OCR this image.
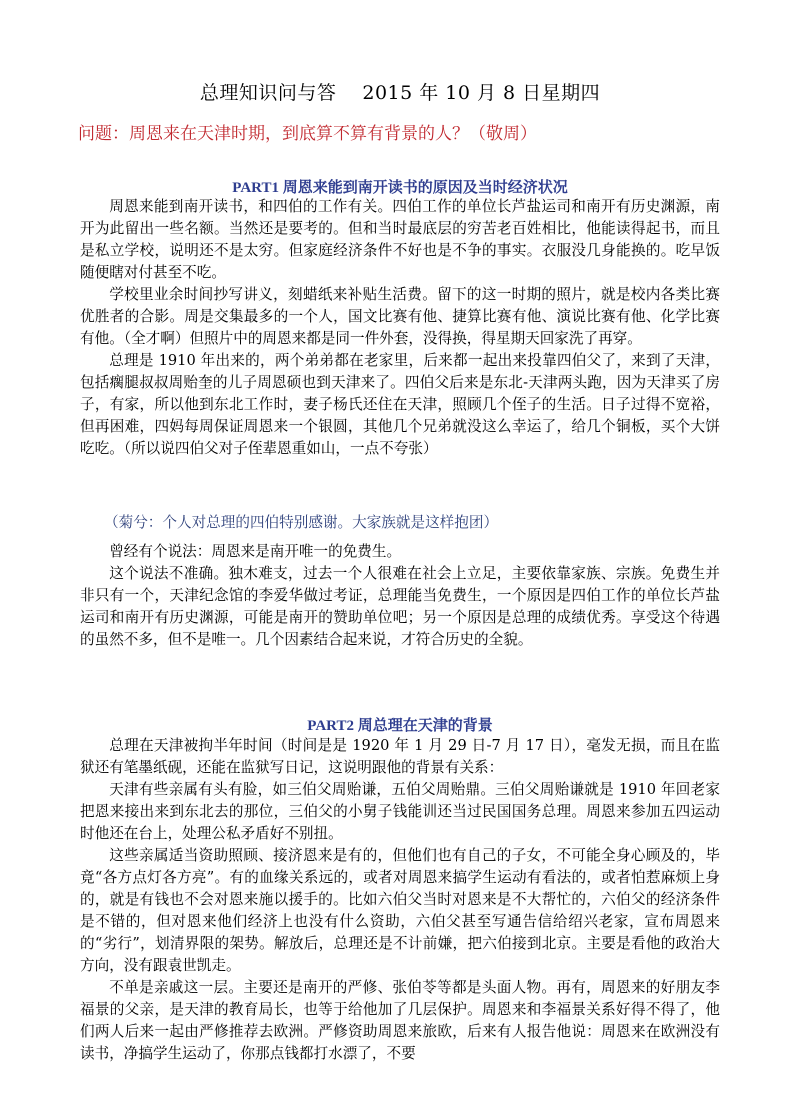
总理知识问与答　 2015 年 10 月 8 日星期四
问题：周恩来在天津时期，到底算不算有背景的人？（敬周）
PART1 周恩来能到南开读书的原因及当时经济状况

周恩来能到南开读书，和四伯的工作有关。四伯工作的单位长芦盐运司和南开有历史渊源，南开为此留出一些名额。当然还是要考的。但和当时最底层的穷苦老百姓相比，他能读得起书，而且是私立学校，说明还不是太穷。但家庭经济条件不好也是不争的事实。衣服没几身能换的。吃早饭随便瞎对付甚至不吃。

学校里业余时间抄写讲义，刻蜡纸来补贴生活费。留下的这一时期的照片，就是校内各类比赛优胜者的合影。周是交集最多的一个人，国文比赛有他、捷算比赛有他、演说比赛有他、化学比赛有他。（全才啊）但照片中的周恩来都是同一件外套，没得换，得星期天回家洗了再穿。

总理是 1910 年出来的，两个弟弟都在老家里，后来都一起出来投靠四伯父了，来到了天津，包括瘸腿叔叔周贻奎的儿子周恩硕也到天津来了。四伯父后来是东北-天津两头跑，因为天津买了房子，有家，所以他到东北工作时，妻子杨氏还住在天津，照顾几个侄子的生活。日子过得不宽裕，但再困难，四妈每周保证周恩来一个银圆，其他几个兄弟就没这么幸运了，给几个铜板，买个大饼吃吃。（所以说四伯父对子侄辈恩重如山，一点不夸张）

（菊兮：个人对总理的四伯特别感谢。大家族就是这样抱团）

曾经有个说法：周恩来是南开唯一的免费生。

这个说法不准确。独木难支，过去一个人很难在社会上立足，主要依靠家族、宗族。免费生并非只有一个，天津纪念馆的李爱华做过考证，总理能当免费生，一个原因是四伯工作的单位长芦盐运司和南开有历史渊源，可能是南开的赞助单位吧；另一个原因是总理的成绩优秀。享受这个待遇的虽然不多，但不是唯一。几个因素结合起来说，才符合历史的全貌。

PART2 周总理在天津的背景

总理在天津被拘半年时间（时间是是 1920 年 1 月 29 日-7 月 17 日），毫发无损，而且在监狱还有笔墨纸砚，还能在监狱写日记，这说明跟他的背景有关系：

天津有些亲属有头有脸，如三伯父周贻谦，五伯父周贻鼎。三伯父周贻谦就是 1910 年回老家把恩来接出来到东北去的那位，三伯父的小舅子钱能训还当过民国国务总理。周恩来参加五四运动时他还在台上，处理公私矛盾好不别扭。

这些亲属适当资助照顾、接济恩来是有的，但他们也有自己的子女，不可能全身心顾及的，毕竟“各方点灯各方亮”。有的血缘关系远的，或者对周恩来搞学生运动有看法的，或者怕惹麻烦上身的，就是有钱也不会对恩来施以援手的。比如六伯父当时对恩来是不大帮忙的，六伯父的经济条件是不错的，但对恩来他们经济上也没有什么资助，六伯父甚至写通告信给绍兴老家，宣布周恩来的“劣行”，划清界限的架势。解放后，总理还是不计前嫌，把六伯接到北京。主要是看他的政治大方向，没有跟袁世凯走。

不单是亲戚这一层。主要还是南开的严修、张伯苓等都是头面人物。再有，周恩来的好朋友李福景的父亲，是天津的教育局长，也等于给他加了几层保护。周恩来和李福景关系好得不得了，他们两人后来一起由严修推荐去欧洲。严修资助周恩来旅欧，后来有人报告他说：周恩来在欧洲没有读书，净搞学生运动了，你那点钱都打水漂了，不要
